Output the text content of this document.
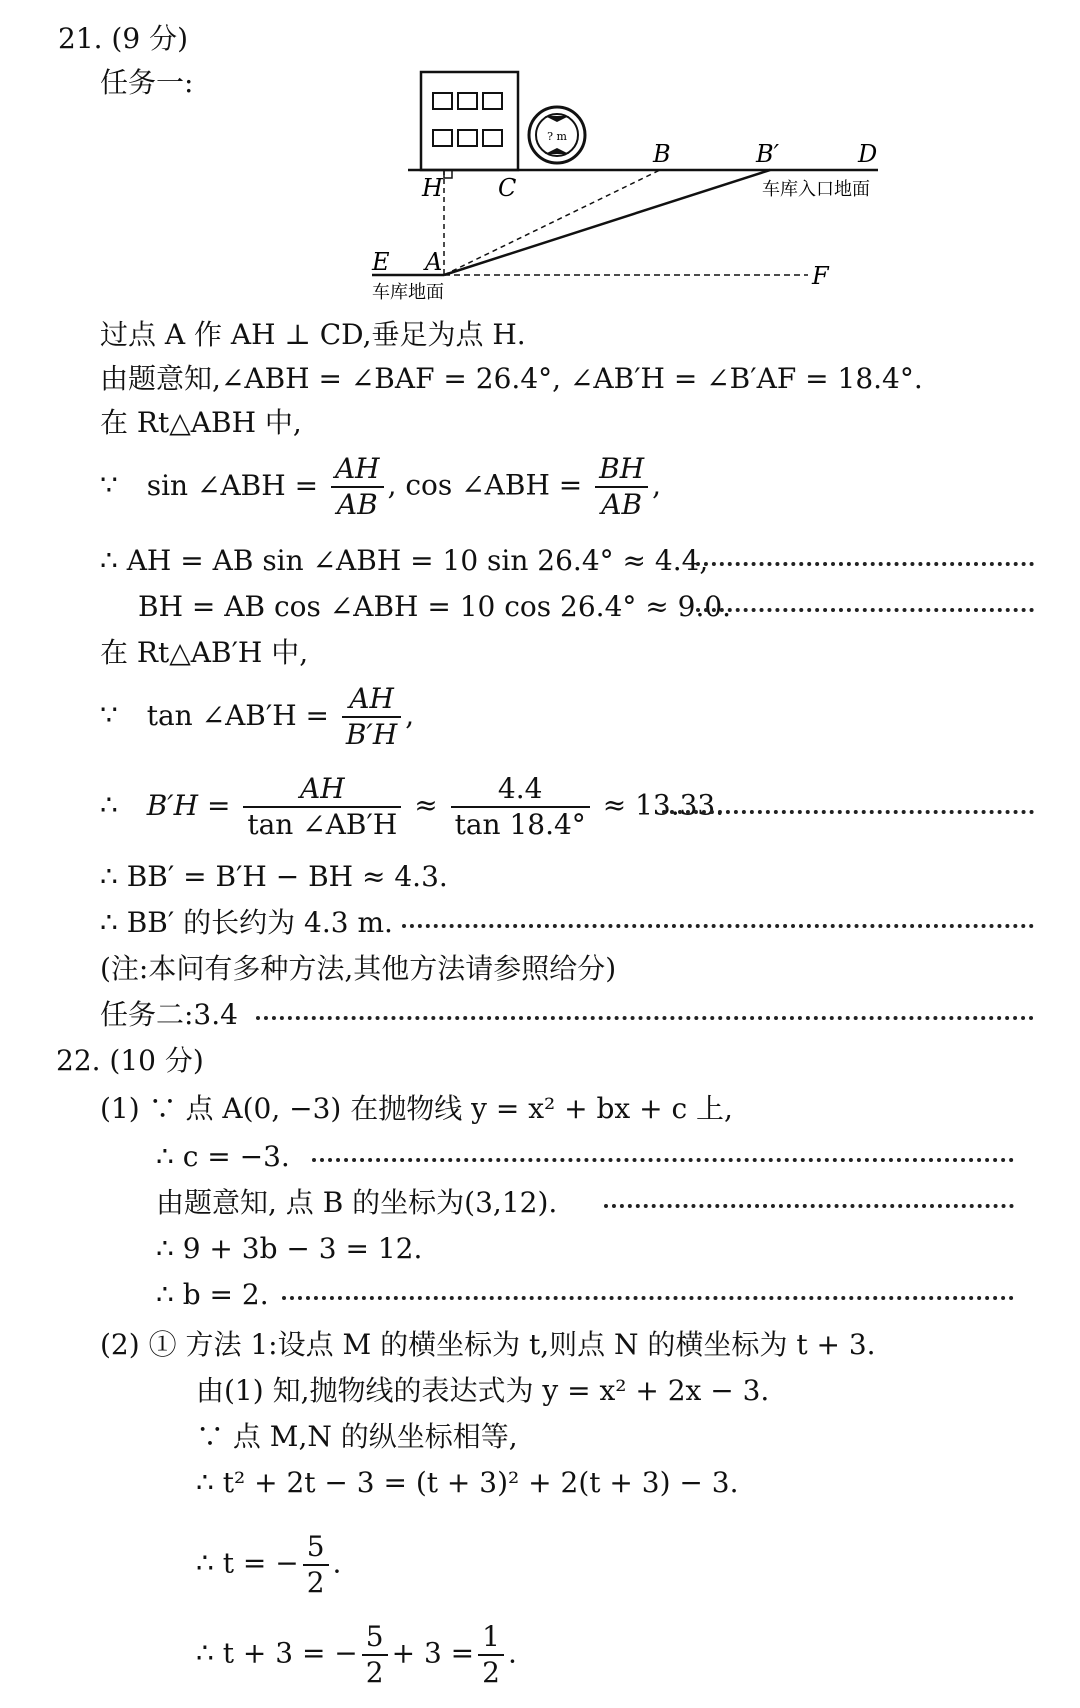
21. (9 分)
任务一:
? m
H C
B	B′	D
车库入口地面
E A	F
车库地面
过点 A 作 AH ⊥ CD,垂足为点 H.
由题意知,∠ABH = ∠BAF = 26.4°, ∠AB′H = ∠B′AF = 18.4°.
在 Rt△ABH 中,
∵ sin ∠ABH = $\frac{AH}{AB}$ , cos ∠ABH = $\frac{BH}{AB}$ ,
∴ AH = AB sin ∠ABH = 10 sin 26.4° ≈ 4.4,
BH = AB cos ∠ABH = 10 cos 26.4° ≈ 9.0.
在 Rt△AB′H 中,
∵ tan ∠AB′H = $\frac{AH}{B'H}$ ,
∴ $B'H = \frac{AH}{\tan \angle AB'H} \approx \frac{4.4}{\tan 18.4^\circ} \approx 13.33$.
∴ BB′ = B′H − BH ≈ 4.3.
∴ BB′ 的长约为 4.3 m.
(注:本问有多种方法,其他方法请参照给分)
任务二:3.4
22. (10 分)
(1) ∵ 点 A(0, −3) 在抛物线 y = x² + bx + c 上,
∴ c = −3.
由题意知, 点 B 的坐标为(3,12).
∴ 9 + 3b − 3 = 12.
∴ b = 2.
(2) ① 方法 1:设点 M 的横坐标为 t,则点 N 的横坐标为 t + 3.
由(1) 知,抛物线的表达式为 y = x² + 2x − 3.
∵ 点 M,N 的纵坐标相等,
∴ t² + 2t − 3 = (t + 3)² + 2(t + 3) − 3.
∴ t = − $\frac{5}{2}$ .
∴ t + 3 = − $\frac{5}{2} + 3 = \frac{1}{2}$ .
